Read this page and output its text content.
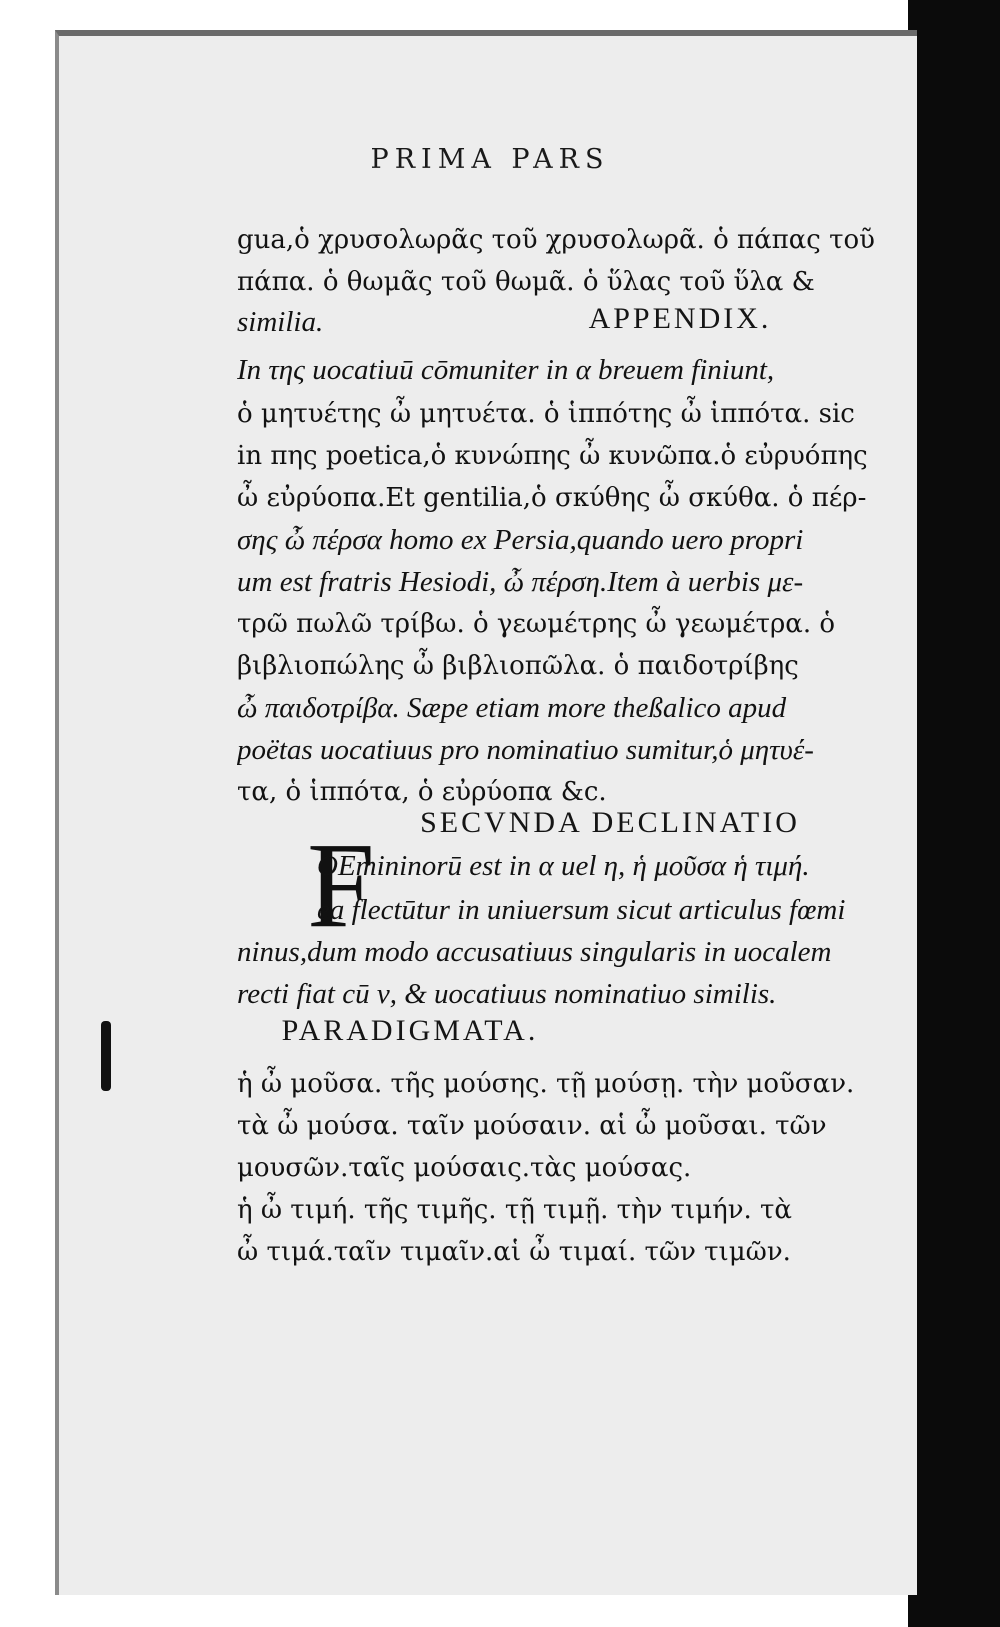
PRIMA PARS
gua,ὁ χρυσολωρᾶς τοῦ χρυσολωρᾶ. ὁ πάπας τοῦ
πάπα. ὁ θωμᾶς τοῦ θωμᾶ. ὁ ὕλας τοῦ ὕλα &
similia.	APPENDIX.
In της uocatiuū cōmuniter in α breuem finiunt,
ὁ μητυέτης ὦ μητυέτα. ὁ ἱππότης ὦ ἱππότα. sic
in πης poetica,ὁ κυνώπης ὦ κυνῶπα.ὁ εὐρυόπης
ὦ εὐρύοπα.Et gentilia,ὁ σκύθης ὦ σκύθα. ὁ πέρ-
σης ὦ πέρσα homo ex Persia,quando uero propri
um est fratris Hesiodi, ὦ πέρση.Item à uerbis με-
τρῶ πωλῶ τρίβω. ὁ γεωμέτρης ὦ γεωμέτρα. ὁ
βιβλιοπώλης ὦ βιβλιοπῶλα. ὁ παιδοτρίβης
ὦ παιδοτρίβα. Sæpe etiam more theßalico apud
poëtas uocatiuus pro nominatiuo sumitur,ὁ μητυέ-
τα, ὁ ἱππότα, ὁ εὐρύοπα &c.
SECVNDA DECLINATIO
F
OEmininorū est in α uel η, ἡ μοῦσα ἡ τιμή.
ea flectūtur in uniuersum sicut articulus fœmi
ninus,dum modo accusatiuus singularis in uocalem
recti fiat cū ν, & uocatiuus nominatiuo similis.
PARADIGMATA.
ἡ ὦ μοῦσα. τῆς μούσης. τῇ μούσῃ. τὴν μοῦσαν.
τὰ ὦ μούσα. ταῖν μούσαιν. αἱ ὦ μοῦσαι. τῶν
μουσῶν.ταῖς μούσαις.τὰς μούσας.
ἡ ὦ τιμή. τῆς τιμῆς. τῇ τιμῇ. τὴν τιμήν. τὰ
ὦ τιμά.ταῖν τιμαῖν.αἱ ὦ τιμαί. τῶν τιμῶν.
